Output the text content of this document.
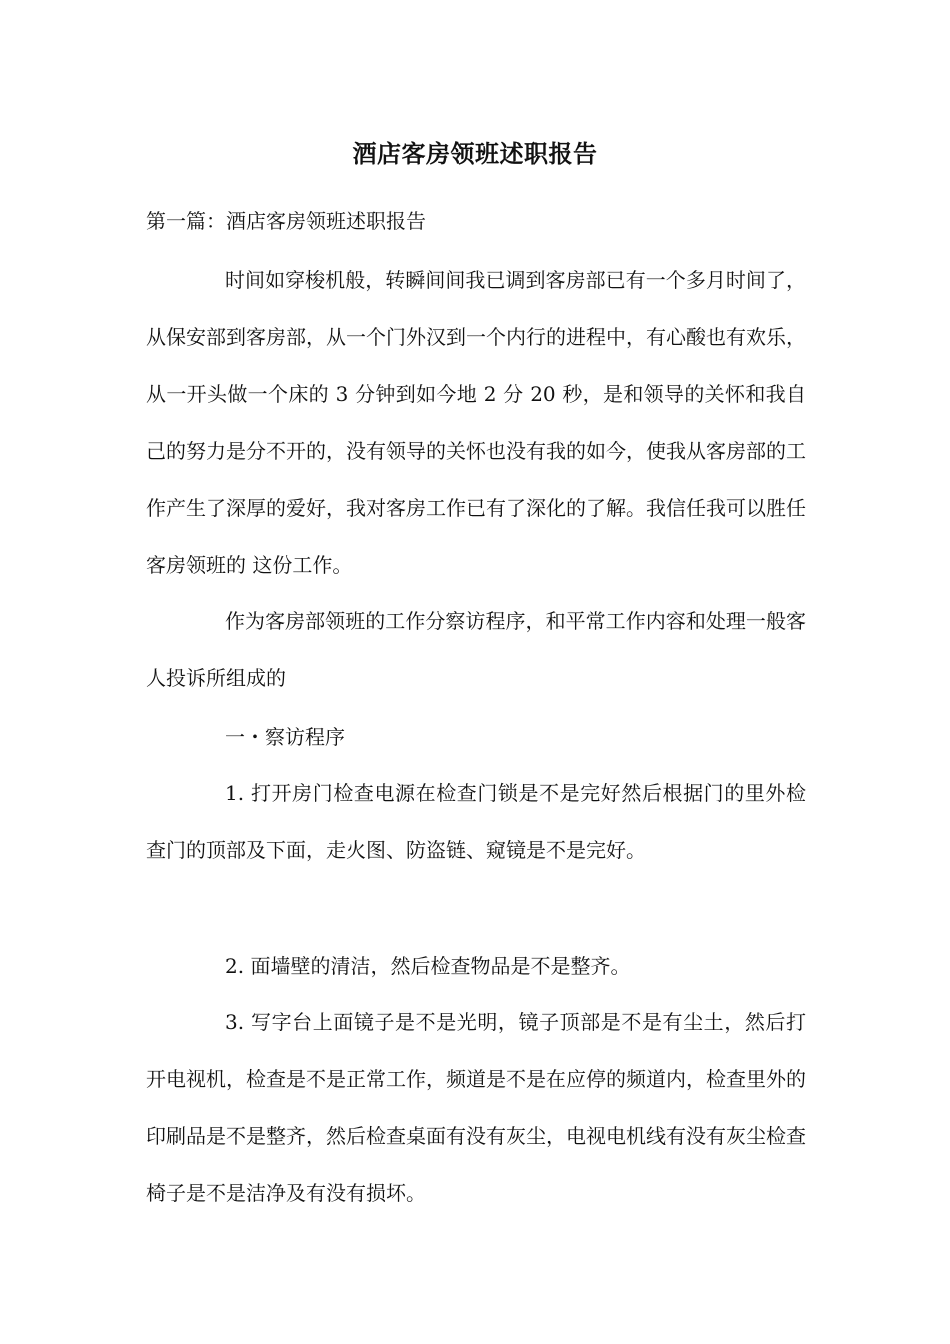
酒店客房领班述职报告
第一篇：酒店客房领班述职报告

时间如穿梭机般，转瞬间间我已调到客房部已有一个多月时间了，从保安部到客房部，从一个门外汉到一个内行的进程中，有心酸也有欢乐，从一开头做一个床的 3 分钟到如今地 2 分 20 秒，是和领导的关怀和我自己的努力是分不开的，没有领导的关怀也没有我的如今，使我从客房部的工作产生了深厚的爱好，我对客房工作已有了深化的了解。我信任我可以胜任客房领班的 这份工作。

作为客房部领班的工作分察访程序，和平常工作内容和处理一般客人投诉所组成的

一・察访程序

1. 打开房门检查电源在检查门锁是不是完好然后根据门的里外检查门的顶部及下面，走火图、防盗链、窥镜是不是完好。

2. 面墙壁的清洁，然后检查物品是不是整齐。

3. 写字台上面镜子是不是光明，镜子顶部是不是有尘土，然后打开电视机，检查是不是正常工作，频道是不是在应停的频道内，检查里外的印刷品是不是整齐，然后检查桌面有没有灰尘，电视电机线有没有灰尘检查椅子是不是洁净及有没有损坏。
